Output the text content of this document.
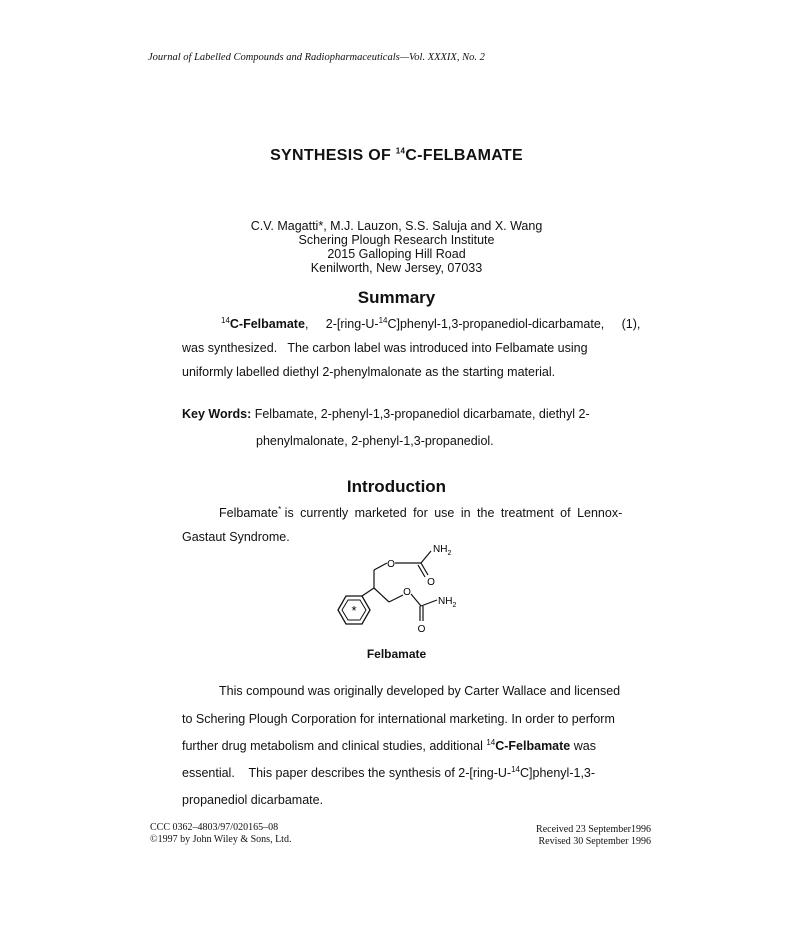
Journal of Labelled Compounds and Radiopharmaceuticals—Vol. XXXIX, No. 2
SYNTHESIS OF $^{14}$C-FELBAMATE
C.V. Magatti*, M.J. Lauzon, S.S. Saluja and X. Wang
Schering Plough Research Institute
2015 Galloping Hill Road
Kenilworth, New Jersey, 07033
Summary
$^{14}$C-Felbamate,     2-[ring-U-$^{14}$C]phenyl-1,3-propanediol-dicarbamate,     (1),
was synthesized.   The carbon label was introduced into Felbamate using
uniformly labelled diethyl 2-phenylmalonate as the starting material.
Key Words: Felbamate, 2-phenyl-1,3-propanediol dicarbamate, diethyl 2-
phenylmalonate, 2-phenyl-1,3-propanediol.
Introduction
Felbamate* is currently marketed for use in the treatment of Lennox-
Gastaut Syndrome.
*
O
$NH_2$
O
O
$NH_2$
O
Felbamate
This compound was originally developed by Carter Wallace and licensed
to Schering Plough Corporation for international marketing. In order to perform
further drug metabolism and clinical studies, additional $^{14}$C-Felbamate was
essential.    This paper describes the synthesis of 2-[ring-U-$^{14}$C]phenyl-1,3-
propanediol dicarbamate.
CCC 0362–4803/97/020165–08
©1997 by John Wiley & Sons, Ltd.
Received 23 September1996
Revised 30 September 1996
